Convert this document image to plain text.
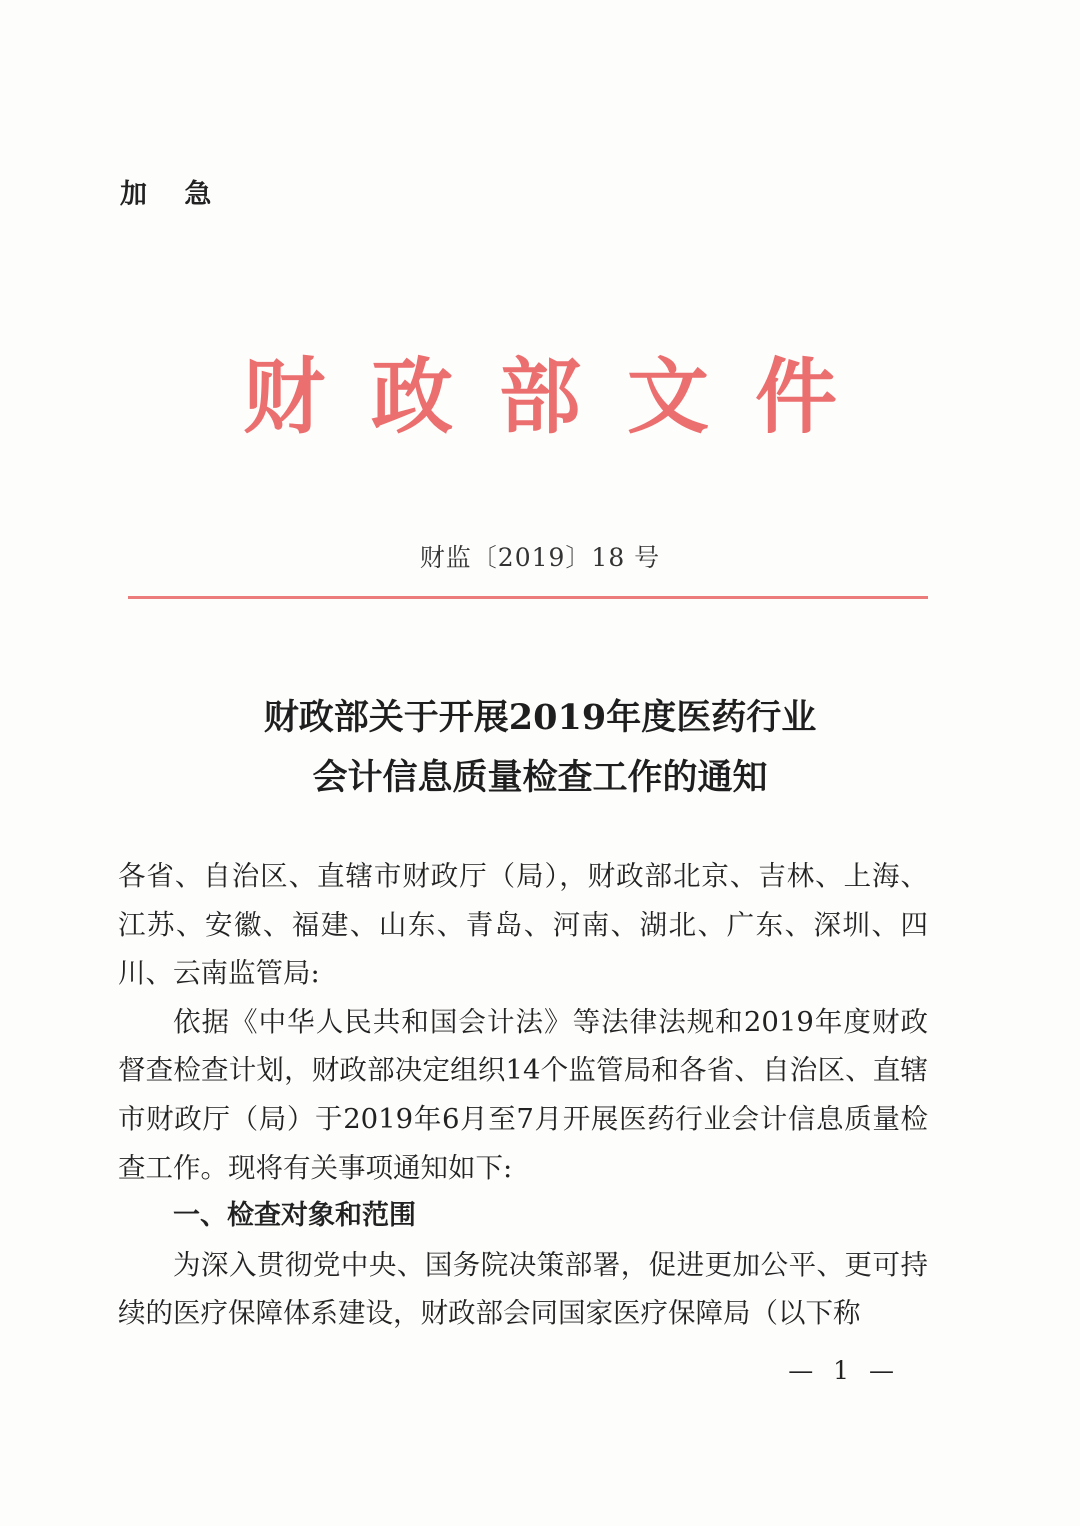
加 急
财政部文件
财监〔2019〕18 号
财政部关于开展2019年度医药行业
会计信息质量检查工作的通知

各省、自治区、直辖市财政厅（局），财政部北京、吉林、上海、江苏、安徽、福建、山东、青岛、河南、湖北、广东、深圳、四川、云南监管局:

依据《中华人民共和国会计法》等法律法规和2019年度财政督查检查计划，财政部决定组织14个监管局和各省、自治区、直辖市财政厅（局）于2019年6月至7月开展医药行业会计信息质量检查工作。现将有关事项通知如下:

一、检查对象和范围

为深入贯彻党中央、国务院决策部署，促进更加公平、更可持续的医疗保障体系建设，财政部会同国家医疗保障局（以下称

— 1 —
